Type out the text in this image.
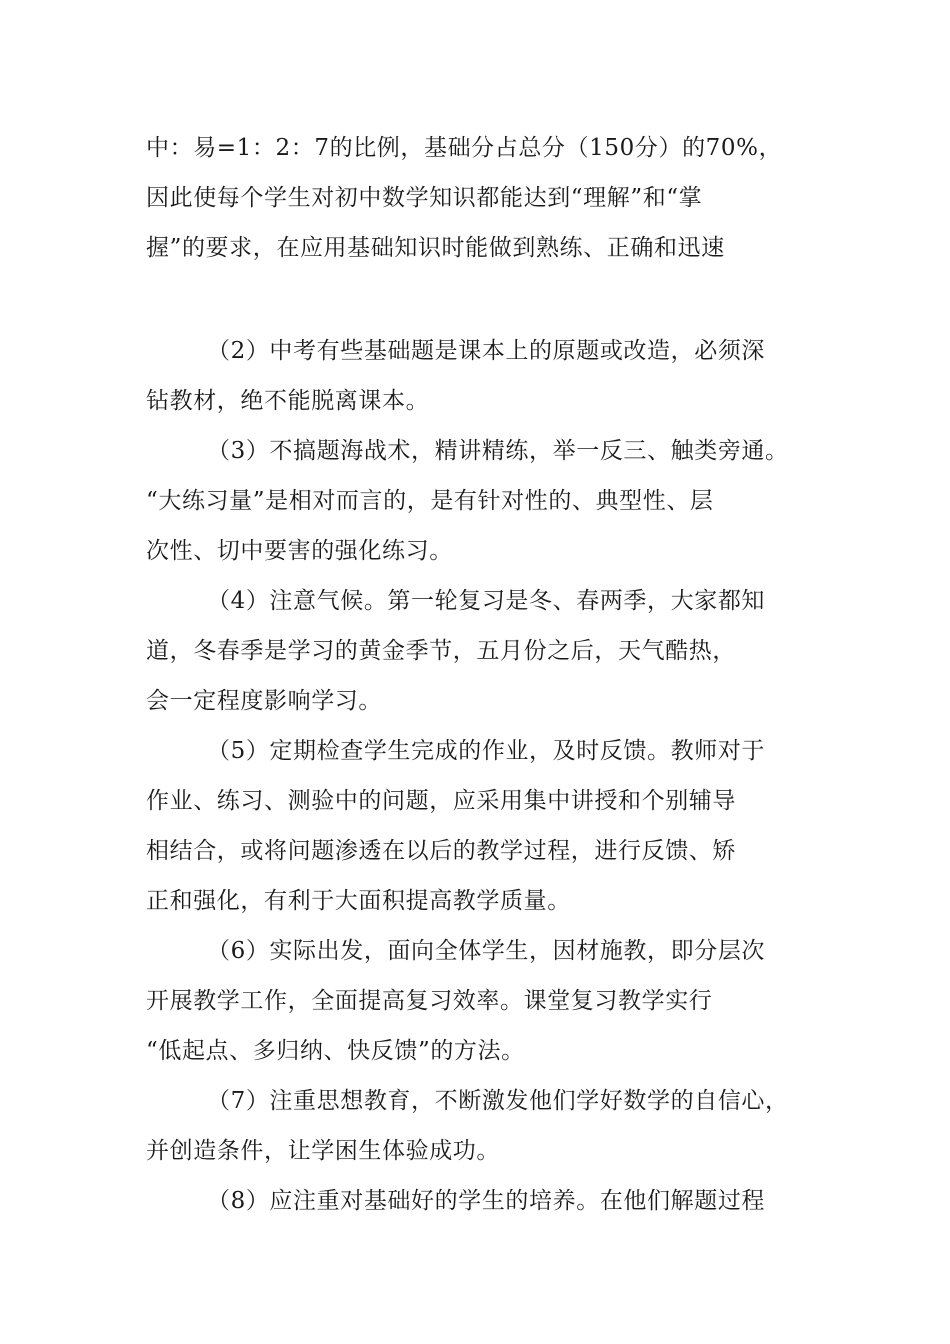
中：易=1：2：7的比例，基础分占总分（150分）的70%，
因此使每个学生对初中数学知识都能达到“理解”和“掌
握”的要求，在应用基础知识时能做到熟练、正确和迅速
（2）中考有些基础题是课本上的原题或改造，必须深
钻教材，绝不能脱离课本。
（3）不搞题海战术，精讲精练，举一反三、触类旁通。
“大练习量”是相对而言的，是有针对性的、典型性、层
次性、切中要害的强化练习。
（4）注意气候。第一轮复习是冬、春两季，大家都知
道，冬春季是学习的黄金季节，五月份之后，天气酷热，
会一定程度影响学习。
（5）定期检查学生完成的作业，及时反馈。教师对于
作业、练习、测验中的问题，应采用集中讲授和个别辅导
相结合，或将问题渗透在以后的教学过程，进行反馈、矫
正和强化，有利于大面积提高教学质量。
（6）实际出发，面向全体学生，因材施教，即分层次
开展教学工作，全面提高复习效率。课堂复习教学实行
“低起点、多归纳、快反馈”的方法。
（7）注重思想教育，不断激发他们学好数学的自信心，
并创造条件，让学困生体验成功。
（8）应注重对基础好的学生的培养。在他们解题过程
